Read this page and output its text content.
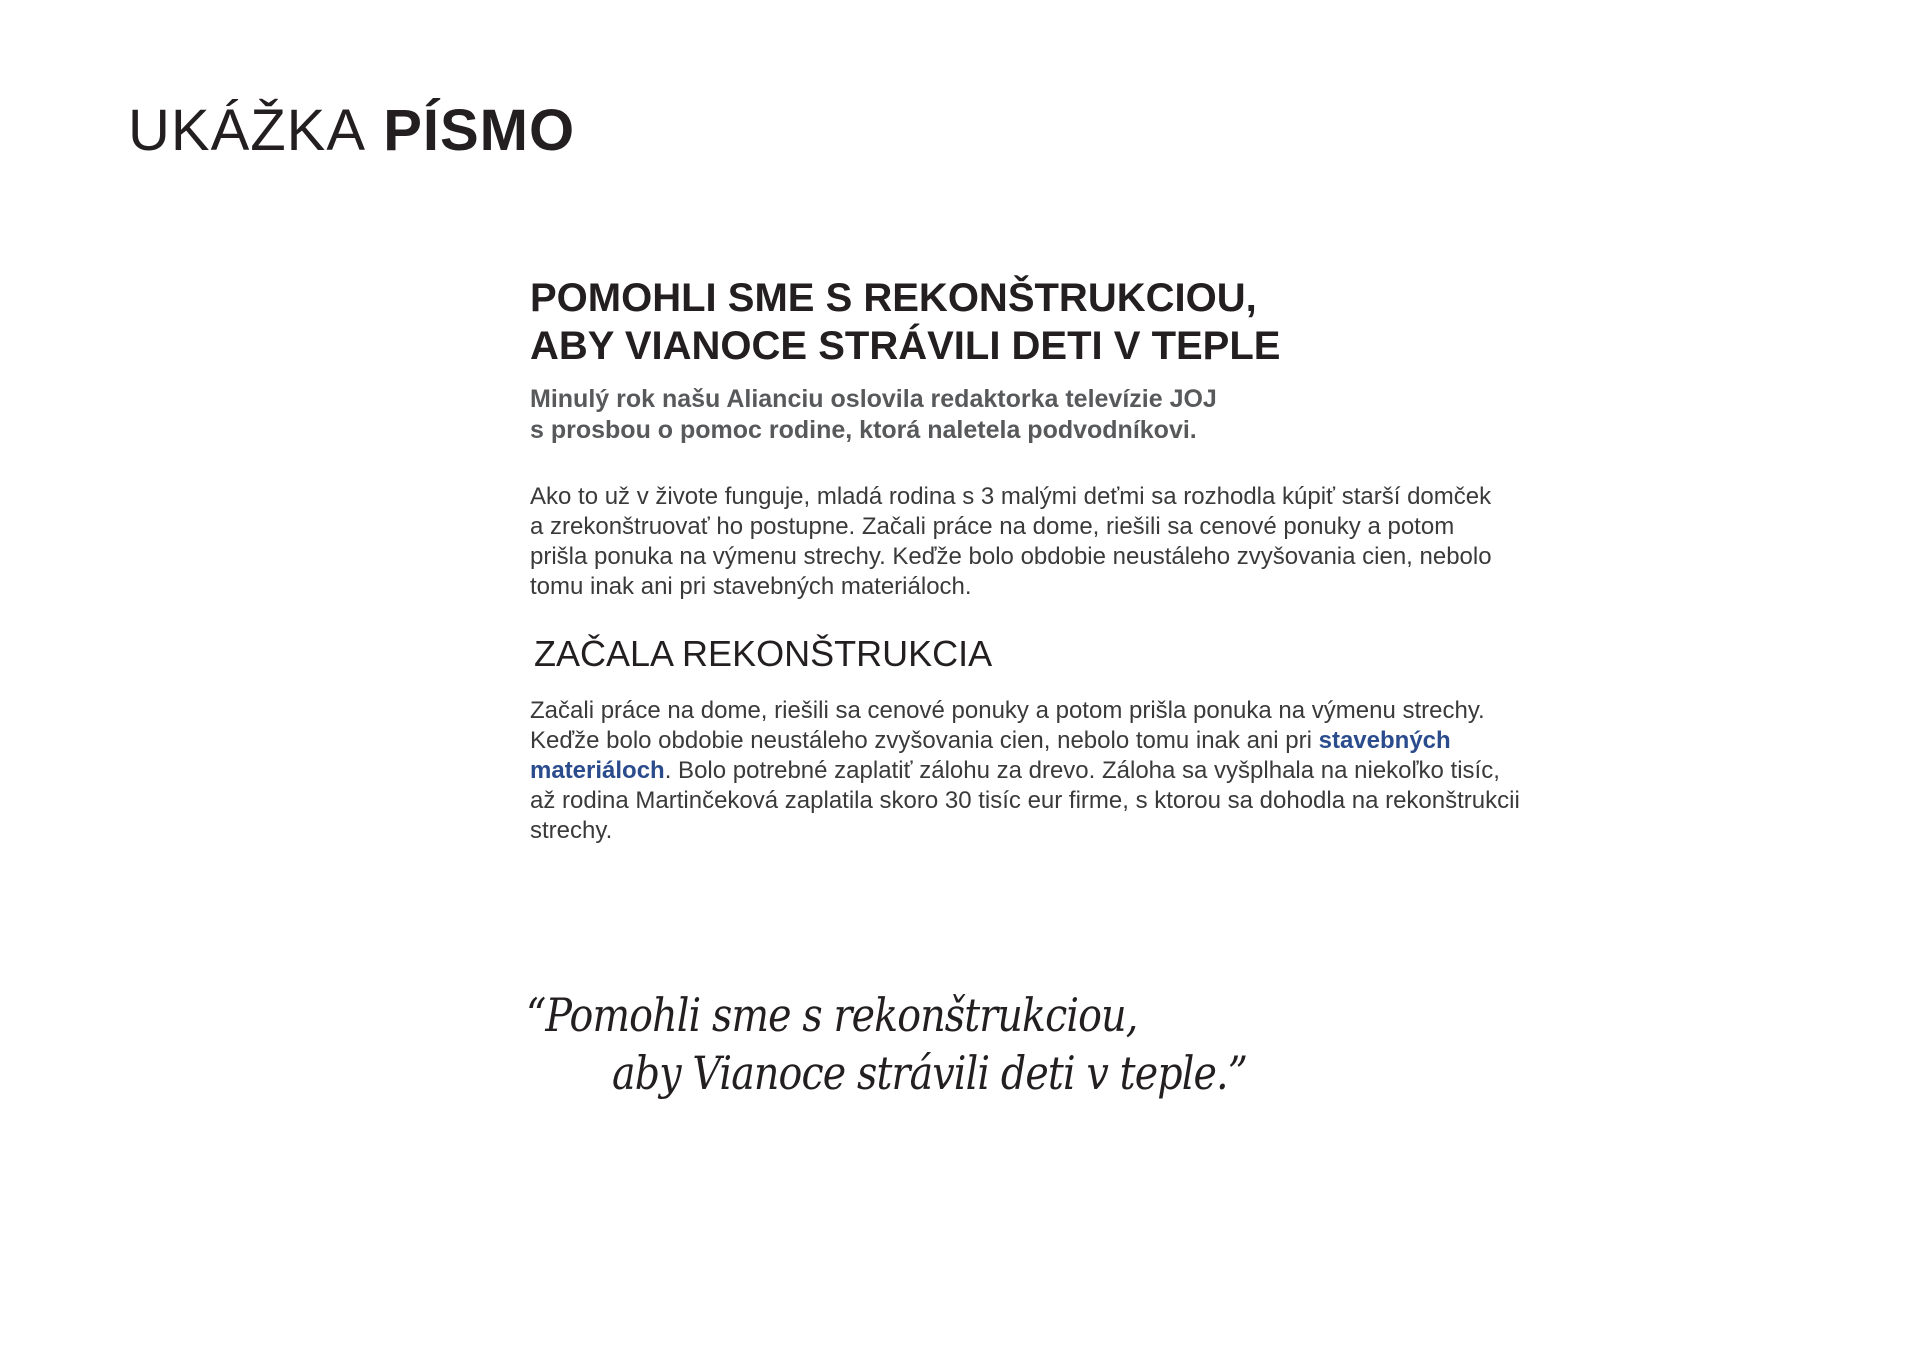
UKÁŽKA PÍSMO
POMOHLI SME S REKONŠTRUKCIOU,
ABY VIANOCE STRÁVILI DETI V TEPLE

Minulý rok našu Alianciu oslovila redaktorka televízie JOJ
s prosbou o pomoc rodine, ktorá naletela podvodníkovi.

Ako to už v živote funguje, mladá rodina s 3 malými deťmi sa rozhodla kúpiť starší domček
a zrekonštruovať ho postupne. Začali práce na dome, riešili sa cenové ponuky a potom
prišla ponuka na výmenu strechy. Keďže bolo obdobie neustáleho zvyšovania cien, nebolo
tomu inak ani pri stavebných materiáloch.

ZAČALA REKONŠTRUKCIA

Začali práce na dome, riešili sa cenové ponuky a potom prišla ponuka na výmenu strechy.
Keďže bolo obdobie neustáleho zvyšovania cien, nebolo tomu inak ani pri stavebných
materiáloch. Bolo potrebné zaplatiť zálohu za drevo. Záloha sa vyšplhala na niekoľko tisíc,
až rodina Martinčeková zaplatila skoro 30 tisíc eur firme, s ktorou sa dohodla na rekonštrukcii
strechy.

“Pomohli sme s rekonštrukciou,
aby Vianoce strávili deti v teple.”
